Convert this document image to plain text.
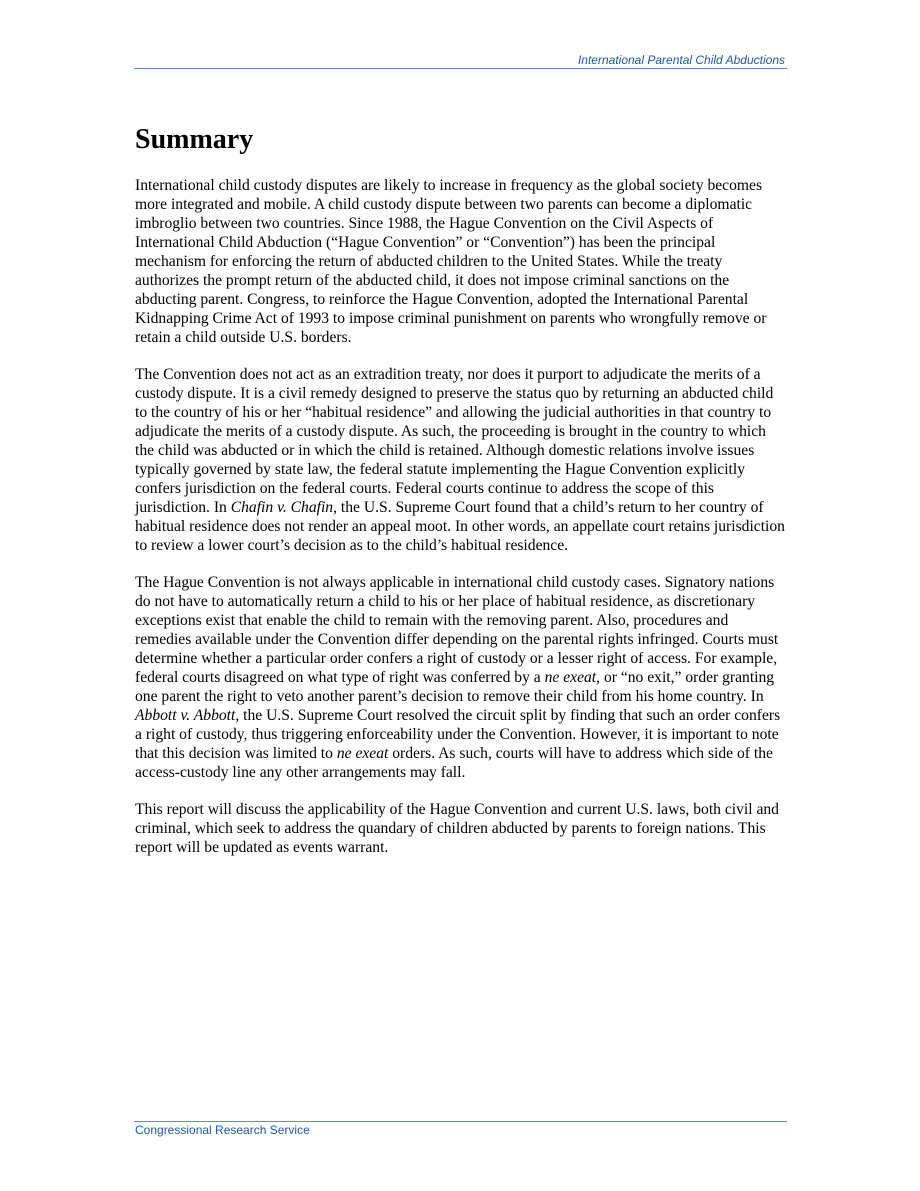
International Parental Child Abductions
Summary

International child custody disputes are likely to increase in frequency as the global society becomes more integrated and mobile. A child custody dispute between two parents can become a diplomatic imbroglio between two countries. Since 1988, the Hague Convention on the Civil Aspects of International Child Abduction (“Hague Convention” or “Convention”) has been the principal mechanism for enforcing the return of abducted children to the United States. While the treaty authorizes the prompt return of the abducted child, it does not impose criminal sanctions on the abducting parent. Congress, to reinforce the Hague Convention, adopted the International Parental Kidnapping Crime Act of 1993 to impose criminal punishment on parents who wrongfully remove or retain a child outside U.S. borders.

The Convention does not act as an extradition treaty, nor does it purport to adjudicate the merits of a custody dispute. It is a civil remedy designed to preserve the status quo by returning an abducted child to the country of his or her “habitual residence” and allowing the judicial authorities in that country to adjudicate the merits of a custody dispute. As such, the proceeding is brought in the country to which the child was abducted or in which the child is retained. Although domestic relations involve issues typically governed by state law, the federal statute implementing the Hague Convention explicitly confers jurisdiction on the federal courts. Federal courts continue to address the scope of this jurisdiction. In Chafin v. Chafin, the U.S. Supreme Court found that a child’s return to her country of habitual residence does not render an appeal moot. In other words, an appellate court retains jurisdiction to review a lower court’s decision as to the child’s habitual residence.

The Hague Convention is not always applicable in international child custody cases. Signatory nations do not have to automatically return a child to his or her place of habitual residence, as discretionary exceptions exist that enable the child to remain with the removing parent. Also, procedures and remedies available under the Convention differ depending on the parental rights infringed. Courts must determine whether a particular order confers a right of custody or a lesser right of access. For example, federal courts disagreed on what type of right was conferred by a ne exeat, or “no exit,” order granting one parent the right to veto another parent’s decision to remove their child from his home country. In Abbott v. Abbott, the U.S. Supreme Court resolved the circuit split by finding that such an order confers a right of custody, thus triggering enforceability under the Convention. However, it is important to note that this decision was limited to ne exeat orders. As such, courts will have to address which side of the access-custody line any other arrangements may fall.

This report will discuss the applicability of the Hague Convention and current U.S. laws, both civil and criminal, which seek to address the quandary of children abducted by parents to foreign nations. This report will be updated as events warrant.

Congressional Research Service
